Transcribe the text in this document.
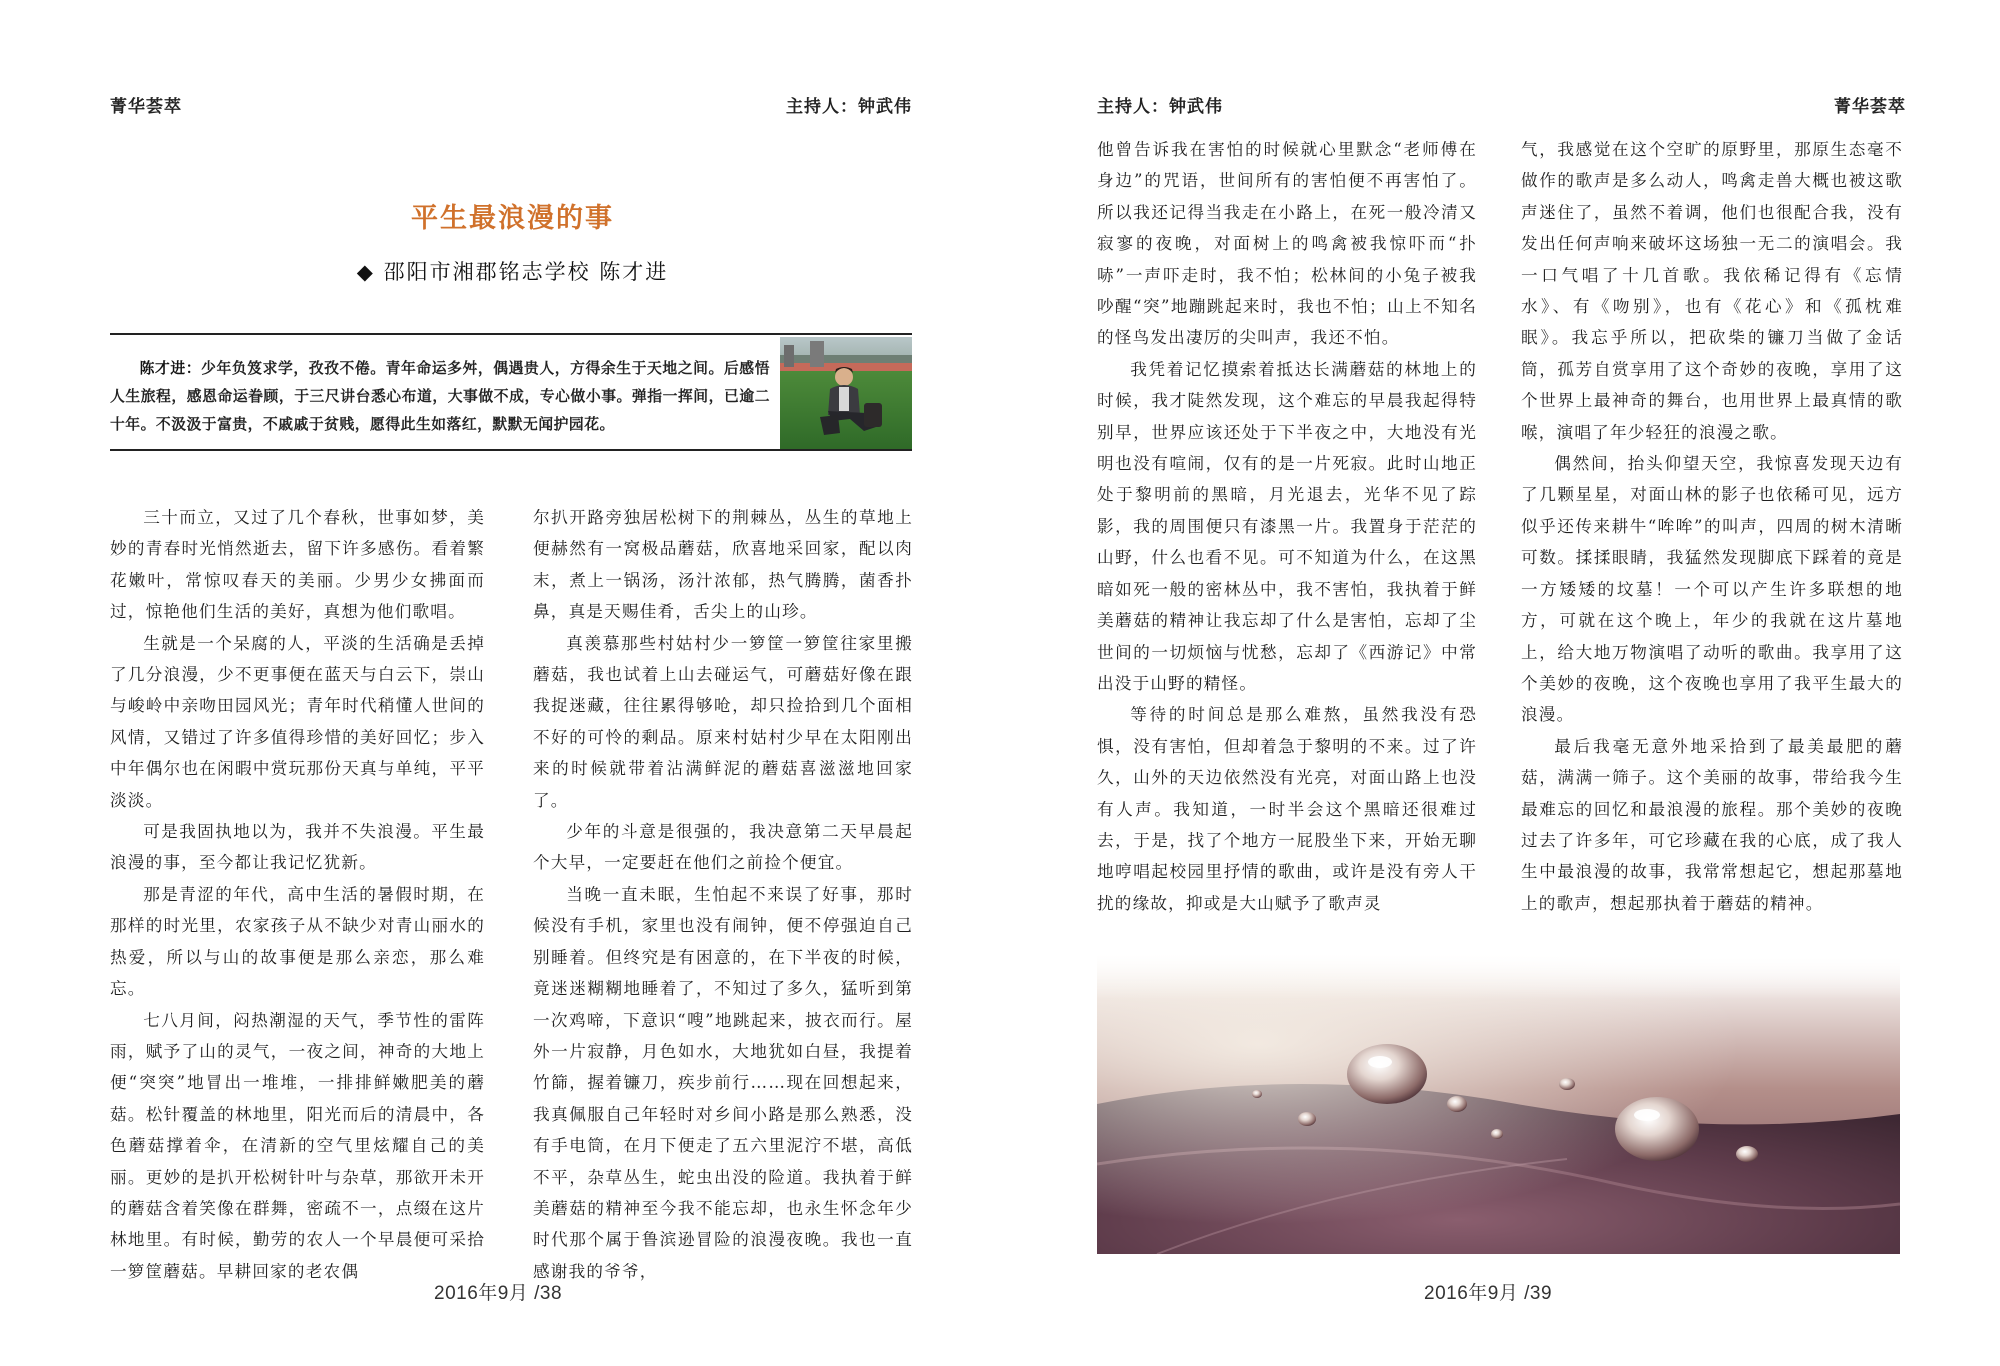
菁华荟萃	主持人：钟武伟
平生最浪漫的事
◆ 邵阳市湘郡铭志学校 陈才进

陈才进：少年负笈求学，孜孜不倦。青年命运多舛，偶遇贵人，方得余生于天地之间。后感悟人生旅程，感恩命运眷顾，于三尺讲台悉心布道，大事做不成，专心做小事。弹指一挥间，已逾二十年。不汲汲于富贵，不戚戚于贫贱，愿得此生如落红，默默无闻护园花。

三十而立，又过了几个春秋，世事如梦，美妙的青春时光悄然逝去，留下许多感伤。看着繁花嫩叶，常惊叹春天的美丽。少男少女拂面而过，惊艳他们生活的美好，真想为他们歌唱。

生就是一个呆腐的人，平淡的生活确是丢掉了几分浪漫，少不更事便在蓝天与白云下，崇山与峻岭中亲吻田园风光；青年时代稍懂人世间的风情，又错过了许多值得珍惜的美好回忆；步入中年偶尔也在闲暇中赏玩那份天真与单纯，平平淡淡。

可是我固执地以为，我并不失浪漫。平生最浪漫的事，至今都让我记忆犹新。

那是青涩的年代，高中生活的暑假时期，在那样的时光里，农家孩子从不缺少对青山丽水的热爱，所以与山的故事便是那么亲恋，那么难忘。

七八月间，闷热潮湿的天气，季节性的雷阵雨，赋予了山的灵气，一夜之间，神奇的大地上便“突突”地冒出一堆堆，一排排鲜嫩肥美的蘑菇。松针覆盖的林地里，阳光而后的清晨中，各色蘑菇撑着伞，在清新的空气里炫耀自己的美丽。更妙的是扒开松树针叶与杂草，那欲开未开的蘑菇含着笑像在群舞，密疏不一，点缀在这片林地里。有时候，勤劳的农人一个早晨便可采拾一箩筐蘑菇。早耕回家的老农偶

尔扒开路旁独居松树下的荆棘丛，丛生的草地上便赫然有一窝极品蘑菇，欣喜地采回家，配以肉末，煮上一锅汤，汤汁浓郁，热气腾腾，菌香扑鼻，真是天赐佳肴，舌尖上的山珍。

真羡慕那些村姑村少一箩筐一箩筐往家里搬蘑菇，我也试着上山去碰运气，可蘑菇好像在跟我捉迷藏，往往累得够呛，却只捡拾到几个面相不好的可怜的剩品。原来村姑村少早在太阳刚出来的时候就带着沾满鲜泥的蘑菇喜滋滋地回家了。

少年的斗意是很强的，我决意第二天早晨起个大早，一定要赶在他们之前捡个便宜。

当晚一直未眠，生怕起不来误了好事，那时候没有手机，家里也没有闹钟，便不停强迫自己别睡着。但终究是有困意的，在下半夜的时候，竟迷迷糊糊地睡着了，不知过了多久，猛听到第一次鸡啼，下意识“嗖”地跳起来，披衣而行。屋外一片寂静，月色如水，大地犹如白昼，我提着竹篩，握着镰刀，疾步前行……现在回想起来，我真佩服自己年轻时对乡间小路是那么熟悉，没有手电筒，在月下便走了五六里泥泞不堪，高低不平，杂草丛生，蛇虫出没的险道。我执着于鲜美蘑菇的精神至今我不能忘却，也永生怀念年少时代那个属于鲁滨逊冒险的浪漫夜晚。我也一直感谢我的爷爷，

2016年9月 /38
主持人：钟武伟	菁华荟萃

他曾告诉我在害怕的时候就心里默念“老师傅在身边”的咒语，世间所有的害怕便不再害怕了。所以我还记得当我走在小路上，在死一般冷清又寂寥的夜晚，对面树上的鸣禽被我惊吓而“扑哧”一声吓走时，我不怕；松林间的小兔子被我吵醒“突”地蹦跳起来时，我也不怕；山上不知名的怪鸟发出凄厉的尖叫声，我还不怕。

我凭着记忆摸索着抵达长满蘑菇的林地上的时候，我才陡然发现，这个难忘的早晨我起得特别早，世界应该还处于下半夜之中，大地没有光明也没有喧闹，仅有的是一片死寂。此时山地正处于黎明前的黑暗，月光退去，光华不见了踪影，我的周围便只有漆黑一片。我置身于茫茫的山野，什么也看不见。可不知道为什么，在这黑暗如死一般的密林丛中，我不害怕，我执着于鲜美蘑菇的精神让我忘却了什么是害怕，忘却了尘世间的一切烦恼与忧愁，忘却了《西游记》中常出没于山野的精怪。

等待的时间总是那么难熬，虽然我没有恐惧，没有害怕，但却着急于黎明的不来。过了许久，山外的天边依然没有光亮，对面山路上也没有人声。我知道，一时半会这个黑暗还很难过去，于是，找了个地方一屁股坐下来，开始无聊地哼唱起校园里抒情的歌曲，或许是没有旁人干扰的缘故，抑或是大山赋予了歌声灵

气，我感觉在这个空旷的原野里，那原生态毫不做作的歌声是多么动人，鸣禽走兽大概也被这歌声迷住了，虽然不着调，他们也很配合我，没有发出任何声响来破坏这场独一无二的演唱会。我一口气唱了十几首歌。我依稀记得有《忘情水》、有《吻别》，也有《花心》和《孤枕难眠》。我忘乎所以，把砍柴的镰刀当做了金话筒，孤芳自赏享用了这个奇妙的夜晚，享用了这个世界上最神奇的舞台，也用世界上最真情的歌喉，演唱了年少轻狂的浪漫之歌。

偶然间，抬头仰望天空，我惊喜发现天边有了几颗星星，对面山林的影子也依稀可见，远方似乎还传来耕牛“哞哞”的叫声，四周的树木清晰可数。揉揉眼睛，我猛然发现脚底下踩着的竟是一方矮矮的坟墓！一个可以产生许多联想的地方，可就在这个晚上，年少的我就在这片墓地上，给大地万物演唱了动听的歌曲。我享用了这个美妙的夜晚，这个夜晚也享用了我平生最大的浪漫。

最后我毫无意外地采拾到了最美最肥的蘑菇，满满一筛子。这个美丽的故事，带给我今生最难忘的回忆和最浪漫的旅程。那个美妙的夜晚过去了许多年，可它珍藏在我的心底，成了我人生中最浪漫的故事，我常常想起它，想起那墓地上的歌声，想起那执着于蘑菇的精神。

2016年9月 /39
